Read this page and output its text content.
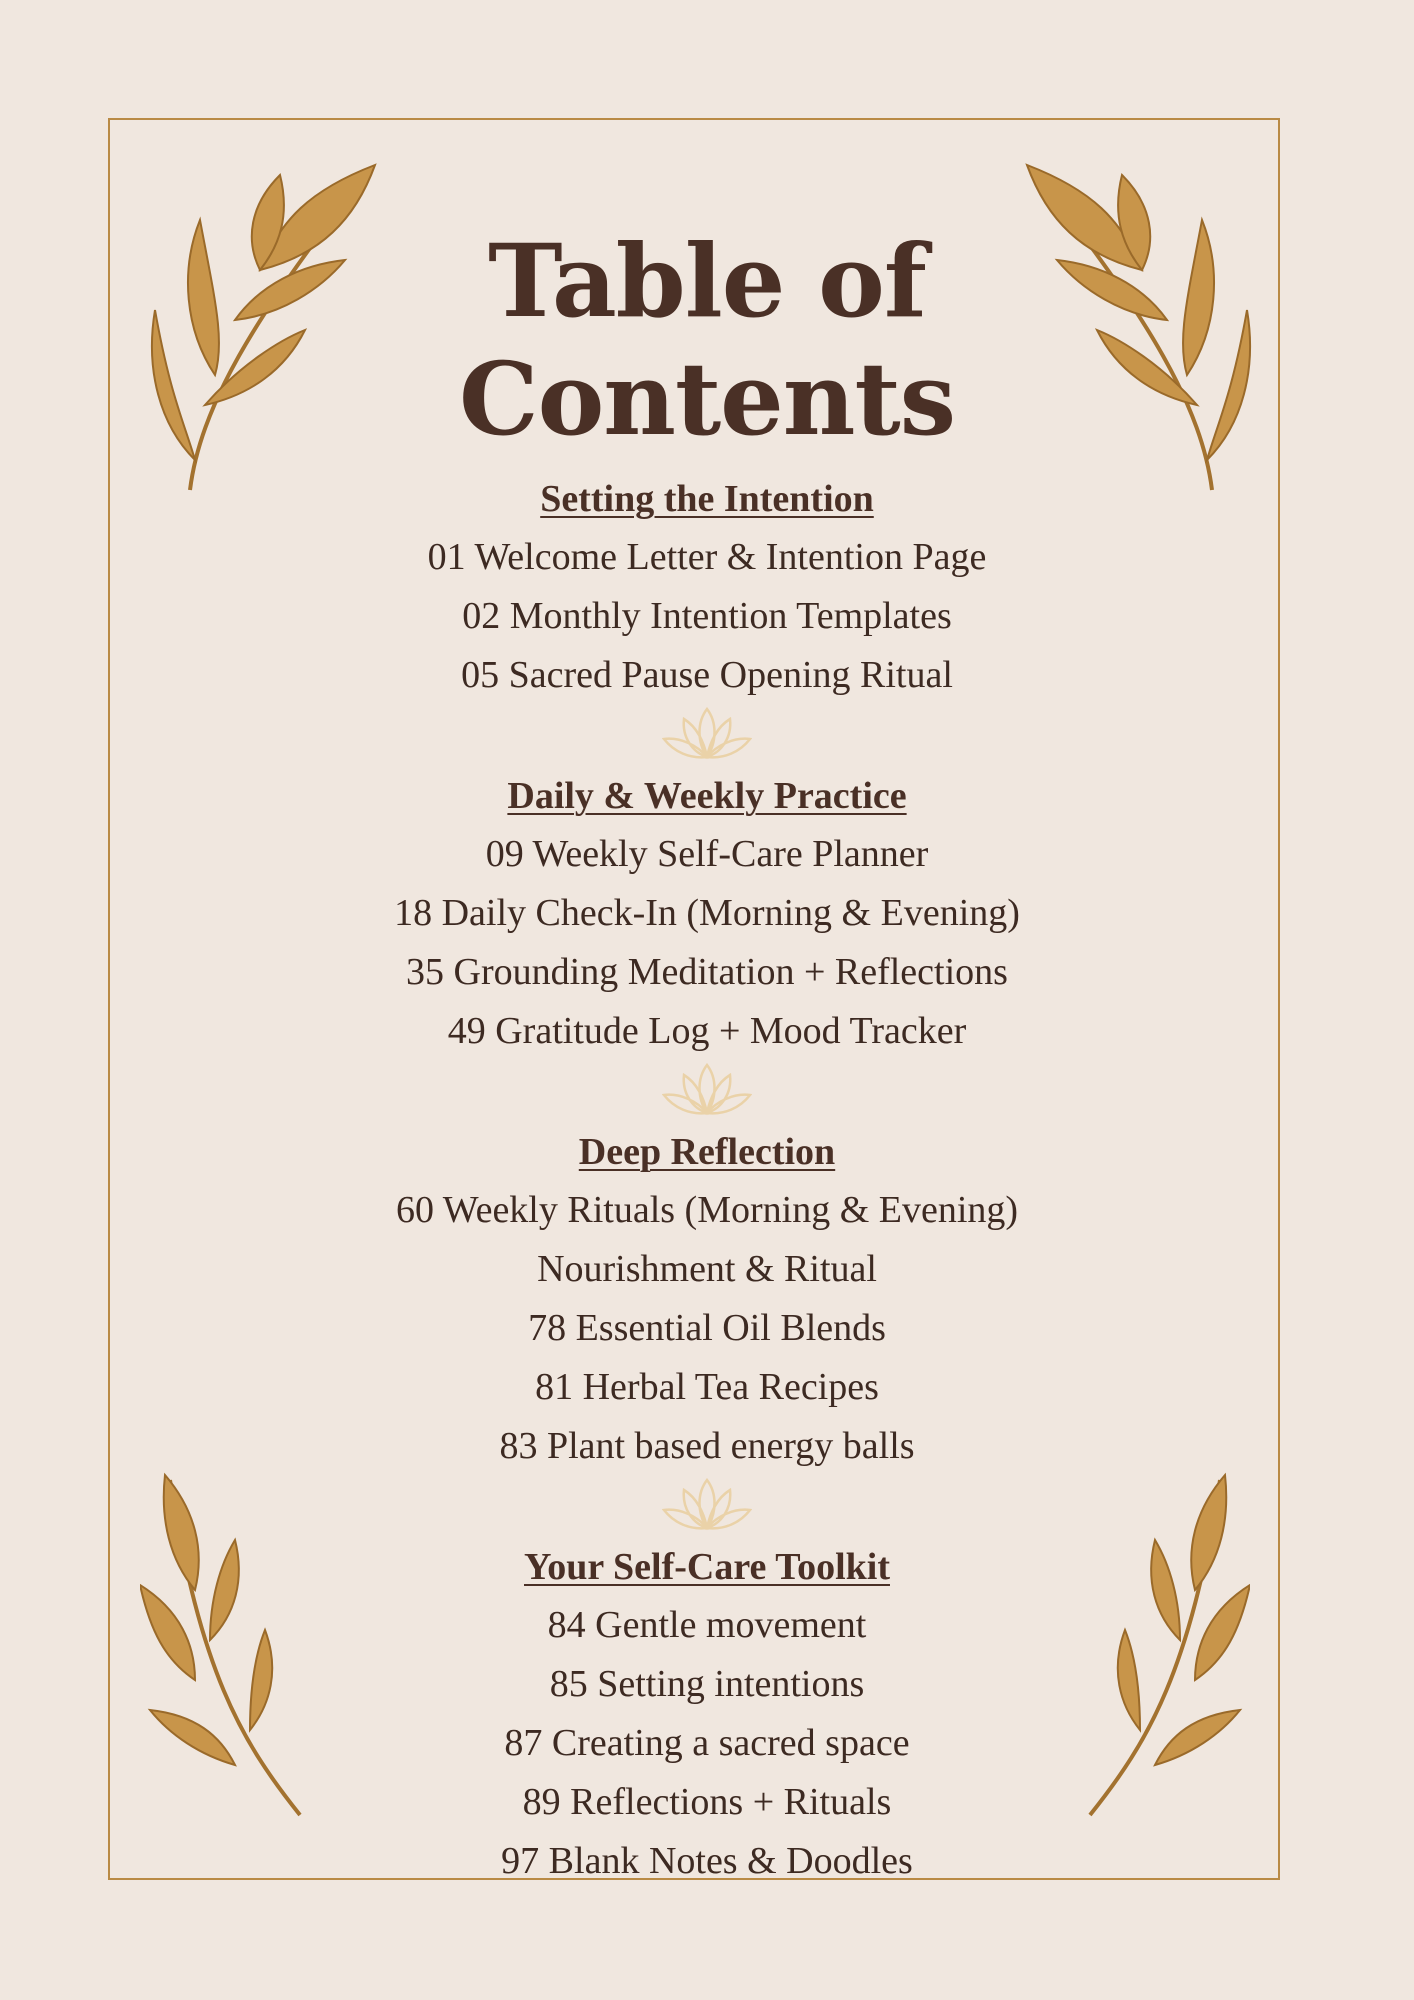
Table of
Contents
Setting the Intention
01 Welcome Letter & Intention Page
02 Monthly Intention Templates
05 Sacred Pause Opening Ritual
Daily & Weekly Practice
09 Weekly Self-Care Planner
18 Daily Check-In (Morning & Evening)
35 Grounding Meditation + Reflections
49 Gratitude Log + Mood Tracker
Deep Reflection
60 Weekly Rituals (Morning & Evening)
Nourishment & Ritual
78 Essential Oil Blends
81 Herbal Tea Recipes
83 Plant based energy balls
Your Self-Care Toolkit
84 Gentle movement
85 Setting intentions
87 Creating a sacred space
89 Reflections + Rituals
97 Blank Notes & Doodles
